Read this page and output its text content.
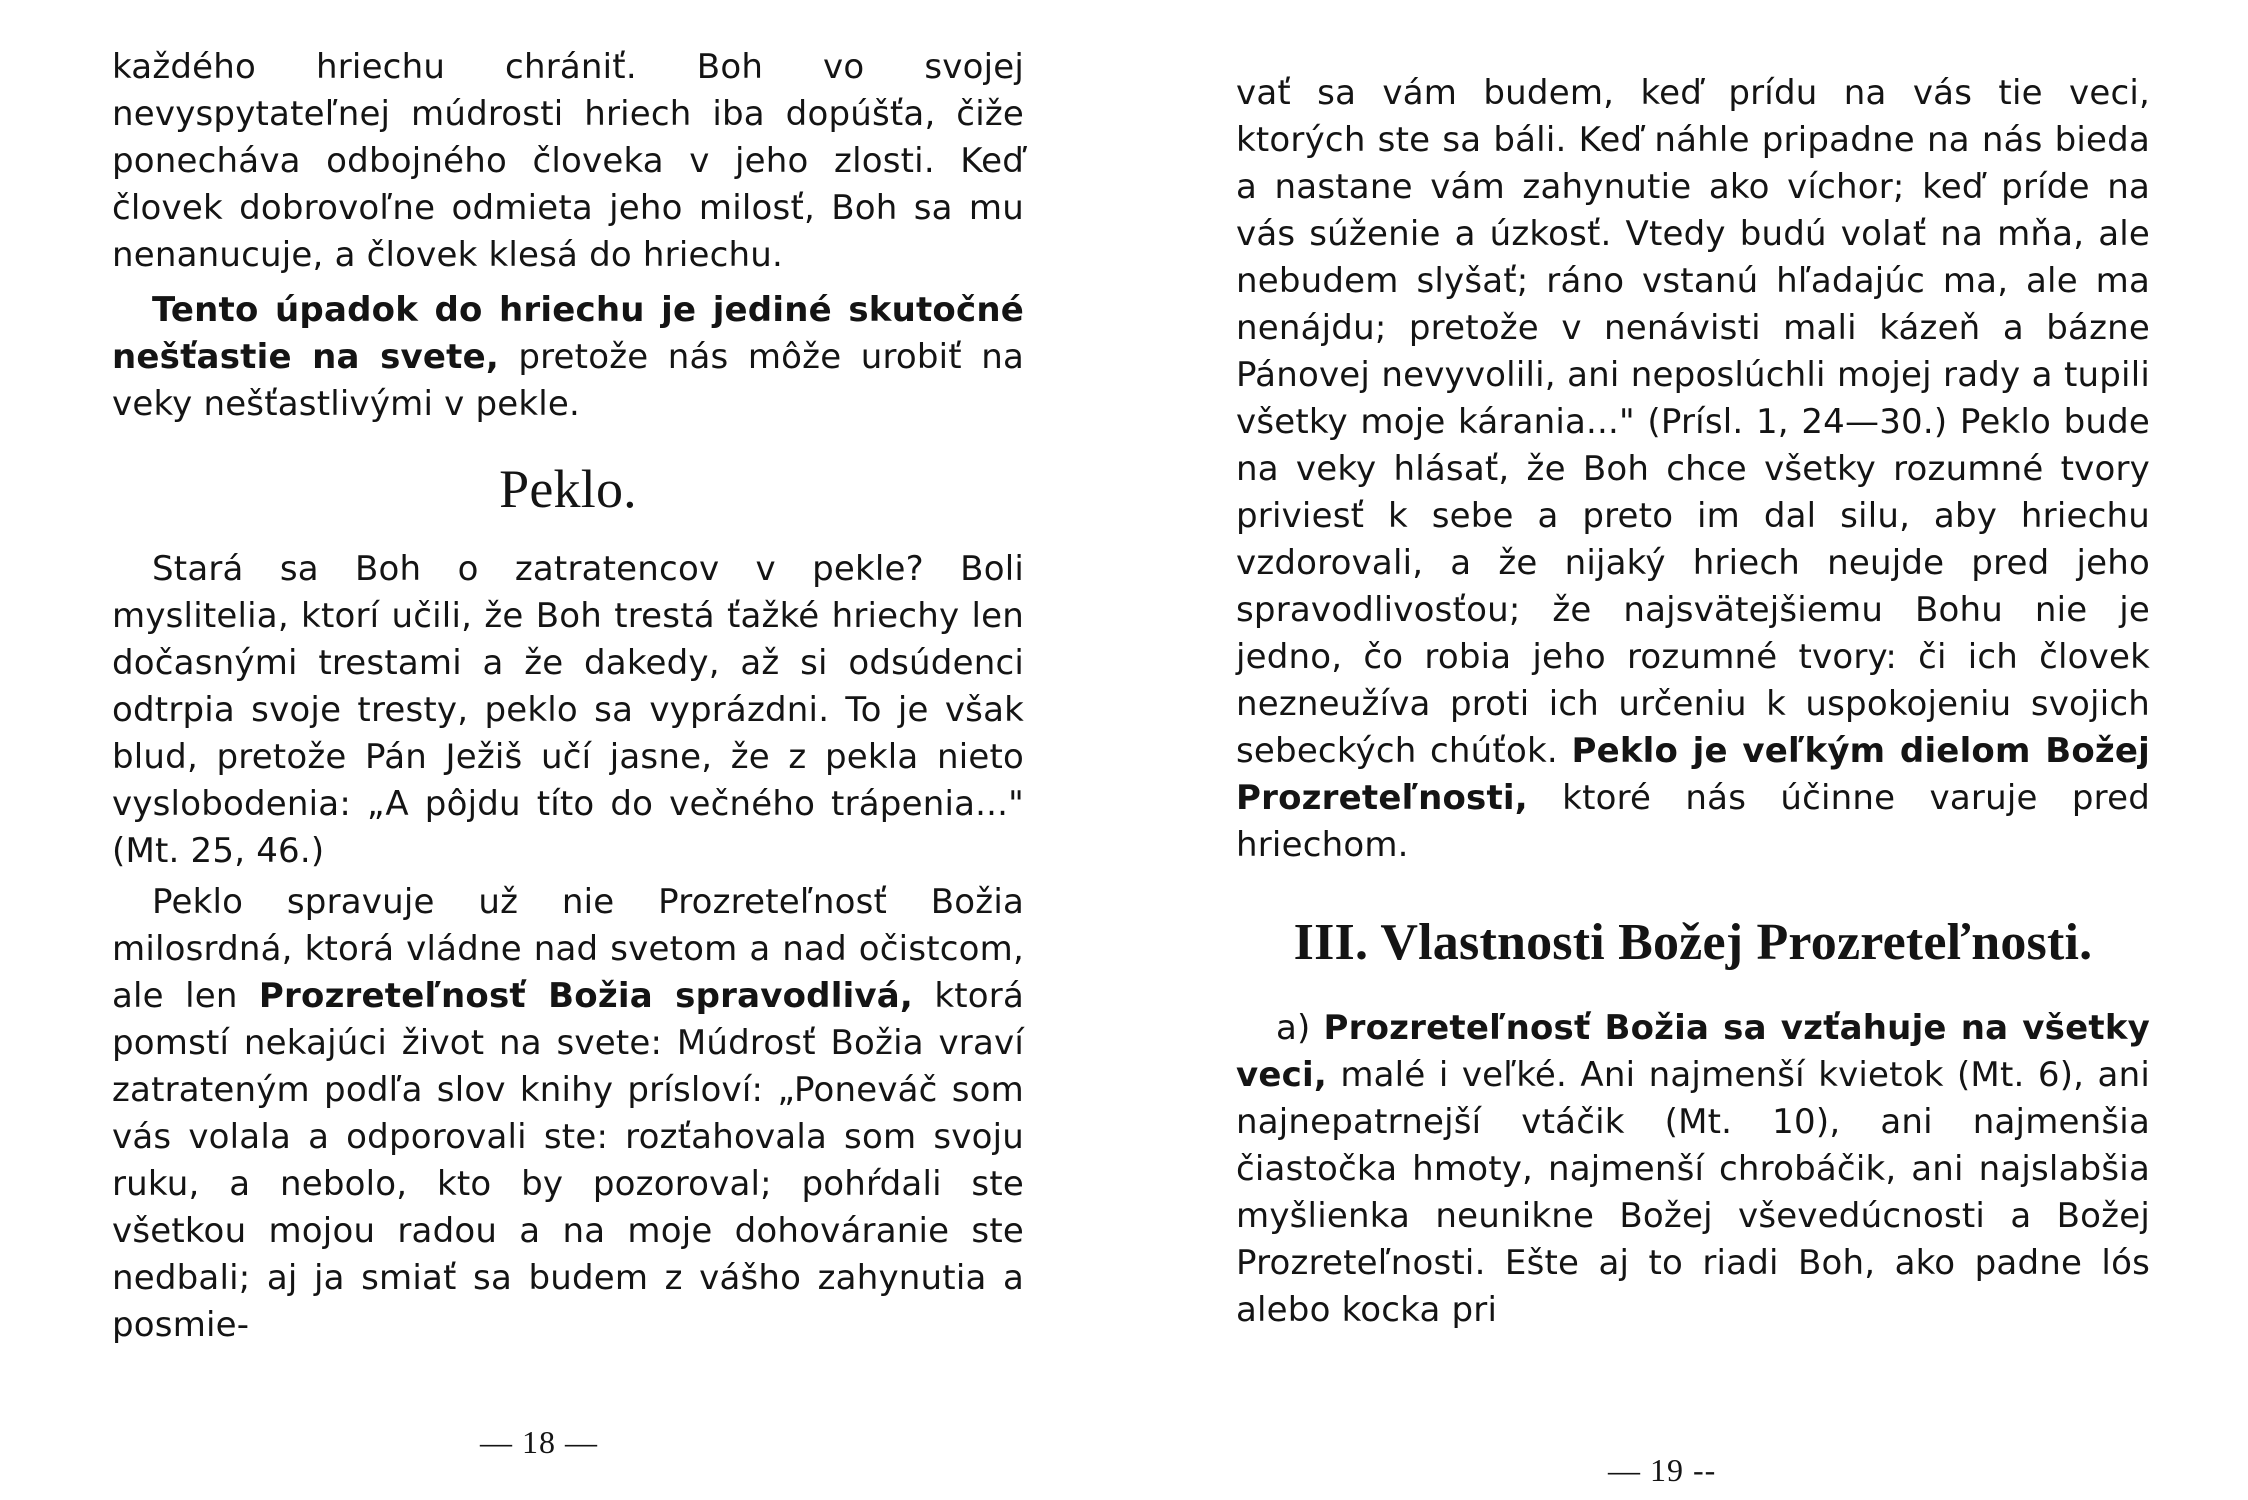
každého hriechu chrániť. Boh vo svojej nevyspytateľnej múdrosti hriech iba dopúšťa, čiže ponecháva odbojného človeka v jeho zlosti. Keď človek dobrovoľne odmieta jeho milosť, Boh sa mu nenanucuje, a človek klesá do hriechu.

Tento úpadok do hriechu je jediné skutočné nešťastie na svete, pretože nás môže urobiť na veky nešťastlivými v pekle.

Peklo.

Stará sa Boh o zatratencov v pekle? Boli myslitelia, ktorí učili, že Boh trestá ťažké hriechy len dočasnými trestami a že dakedy, až si odsúdenci odtrpia svoje tresty, peklo sa vyprázdni. To je však blud, pretože Pán Ježiš učí jasne, že z pekla nieto vyslobodenia: „A pôjdu títo do večného trápenia..." (Mt. 25, 46.)

Peklo spravuje už nie Prozreteľnosť Božia milosrdná, ktorá vládne nad svetom a nad očistcom, ale len Prozreteľnosť Božia spravodlivá, ktorá pomstí nekajúci život na svete: Múdrosť Božia vraví zatrateným podľa slov knihy prísloví: „Poneváč som vás volala a odporovali ste: rozťahovala som svoju ruku, a nebolo, kto by pozoroval; pohŕdali ste všetkou mojou radou a na moje dohováranie ste nedbali; aj ja smiať sa budem z vášho zahynutia a posmie-

— 18 —

vať sa vám budem, keď prídu na vás tie veci, ktorých ste sa báli. Keď náhle pripadne na nás bieda a nastane vám zahynutie ako víchor; keď príde na vás súženie a úzkosť. Vtedy budú volať na mňa, ale nebudem slyšať; ráno vstanú hľadajúc ma, ale ma nenájdu; pretože v nenávisti mali kázeň a bázne Pánovej nevyvolili, ani neposlúchli mojej rady a tupili všetky moje kárania..." (Prísl. 1, 24—30.) Peklo bude na veky hlásať, že Boh chce všetky rozumné tvory priviesť k sebe a preto im dal silu, aby hriechu vzdorovali, a že nijaký hriech neujde pred jeho spravodlivosťou; že najsvätejšiemu Bohu nie je jedno, čo robia jeho rozumné tvory: či ich človek nezneužíva proti ich určeniu k uspokojeniu svojich sebeckých chúťok. Peklo je veľkým dielom Božej Prozreteľnosti, ktoré nás účinne varuje pred hriechom.

III. Vlastnosti Božej Prozreteľnosti.

a) Prozreteľnosť Božia sa vzťahuje na všetky veci, malé i veľké. Ani najmenší kvietok (Mt. 6), ani najnepatrnejší vtáčik (Mt. 10), ani najmenšia čiastočka hmoty, najmenší chrobáčik, ani najslabšia myšlienka neunikne Božej vševedúcnosti a Božej Prozreteľnosti. Ešte aj to riadi Boh, ako padne lós alebo kocka pri

— 19 --
